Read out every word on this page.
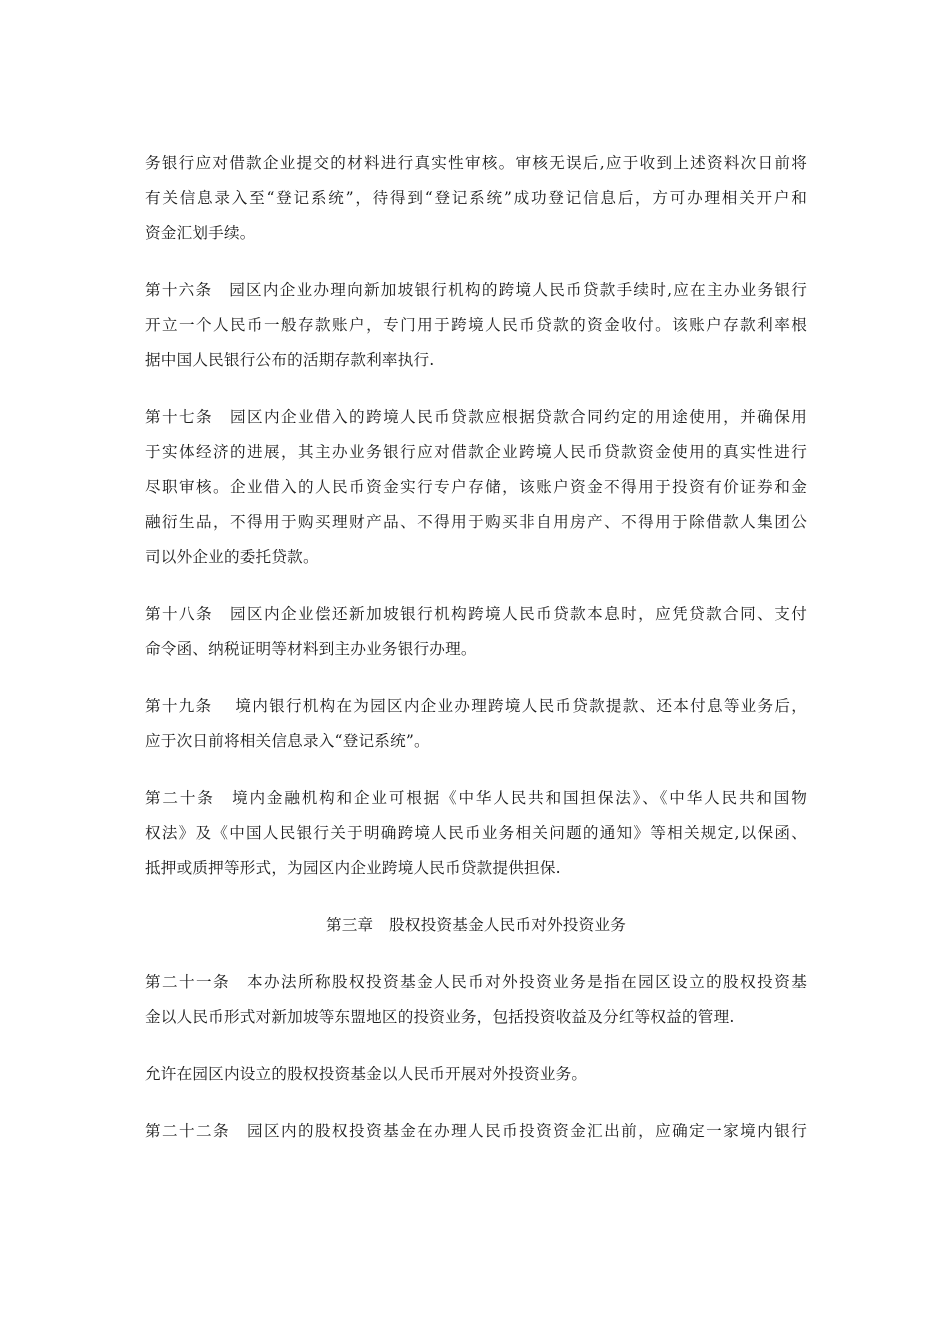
务银行应对借款企业提交的材料进行真实性审核。审核无误后,应于收到上述资料次日前将
有关信息录入至“登记系统”，待得到“登记系统”成功登记信息后，方可办理相关开户和
资金汇划手续。
第十六条　园区内企业办理向新加坡银行机构的跨境人民币贷款手续时,应在主办业务银行
开立一个人民币一般存款账户，专门用于跨境人民币贷款的资金收付。该账户存款利率根
据中国人民银行公布的活期存款利率执行.
第十七条　园区内企业借入的跨境人民币贷款应根据贷款合同约定的用途使用，并确保用
于实体经济的进展，其主办业务银行应对借款企业跨境人民币贷款资金使用的真实性进行
尽职审核。企业借入的人民币资金实行专户存储，该账户资金不得用于投资有价证券和金
融衍生品，不得用于购买理财产品、不得用于购买非自用房产、不得用于除借款人集团公
司以外企业的委托贷款。
第十八条　园区内企业偿还新加坡银行机构跨境人民币贷款本息时，应凭贷款合同、支付
命令函、纳税证明等材料到主办业务银行办理。
第十九条　 境内银行机构在为园区内企业办理跨境人民币贷款提款、还本付息等业务后，
应于次日前将相关信息录入“登记系统”。
第二十条　境内金融机构和企业可根据《中华人民共和国担保法》、《中华人民共和国物
权法》及《中国人民银行关于明确跨境人民币业务相关问题的通知》等相关规定,以保函、
抵押或质押等形式，为园区内企业跨境人民币贷款提供担保.
第三章　股权投资基金人民币对外投资业务
第二十一条　本办法所称股权投资基金人民币对外投资业务是指在园区设立的股权投资基
金以人民币形式对新加坡等东盟地区的投资业务，包括投资收益及分红等权益的管理.
允许在园区内设立的股权投资基金以人民币开展对外投资业务。
第二十二条　园区内的股权投资基金在办理人民币投资资金汇出前，应确定一家境内银行
